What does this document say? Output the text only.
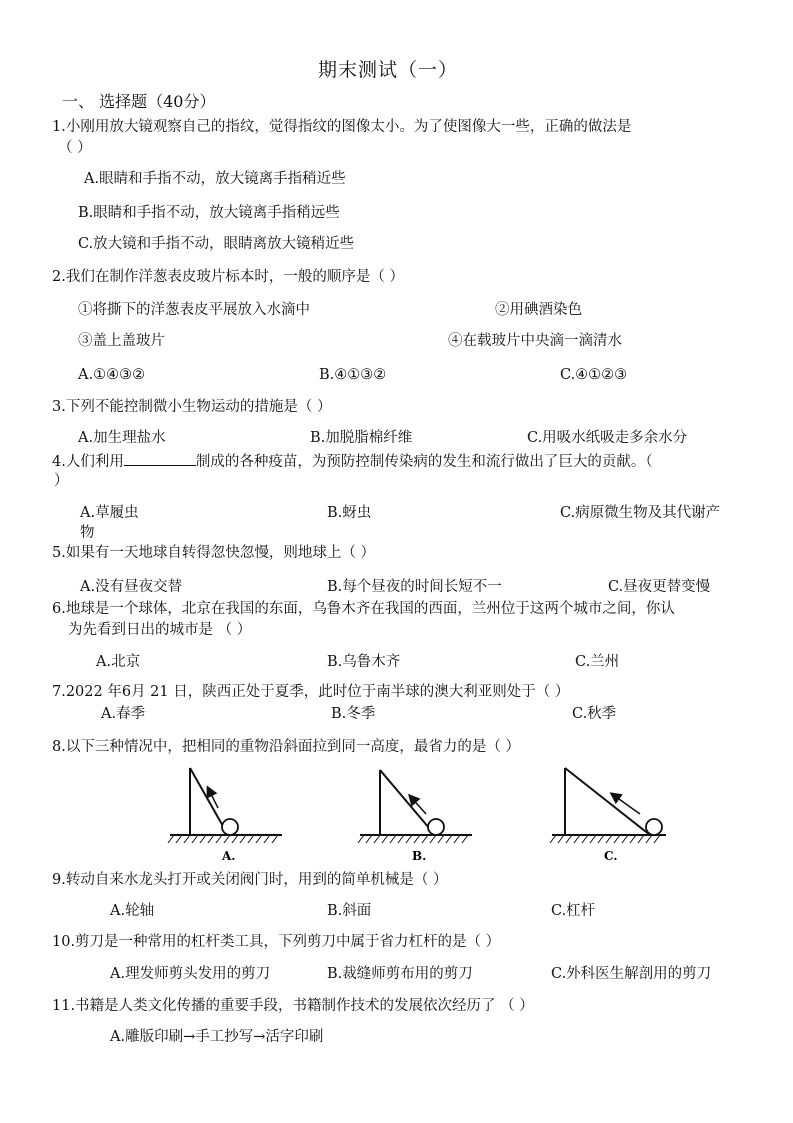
期末测试（一）
一、 选择题（40分）
1.小刚用放大镜观察自己的指纹，觉得指纹的图像太小。为了使图像大一些，正确的做法是
（ ）
A.眼睛和手指不动，放大镜离手指稍近些
B.眼睛和手指不动，放大镜离手指稍远些
C.放大镜和手指不动，眼睛离放大镜稍近些
2.我们在制作洋葱表皮玻片标本时，一般的顺序是（ ）
①将撕下的洋葱表皮平展放入水滴中	②用碘酒染色
③盖上盖玻片	④在载玻片中央滴一滴清水
A.①④③②	B.④①③②	C.④①②③
3.下列不能控制微小生物运动的措施是（ ）
A.加生理盐水	B.加脱脂棉纤维	C.用吸水纸吸走多余水分
4.人们利用	制成的各种疫苗，为预防控制传染病的发生和流行做出了巨大的贡献。（
）
A.草履虫	B.蚜虫	C.病原微生物及其代谢产
物
5.如果有一天地球自转得忽快忽慢，则地球上（ ）
A.没有昼夜交替	B.每个昼夜的时间长短不一	C.昼夜更替变慢
6.地球是一个球体，北京在我国的东面，乌鲁木齐在我国的西面，兰州位于这两个城市之间，你认
为先看到日出的城市是 （ ）
A.北京	B.乌鲁木齐	C.兰州
7.2022 年6月 21 日，陕西正处于夏季，此时位于南半球的澳大利亚则处于（ ）
A.春季	B.冬季	C.秋季
8.以下三种情况中，把相同的重物沿斜面拉到同一高度，最省力的是（ ）
A.	B.	C.
9.转动自来水龙头打开或关闭阀门时，用到的简单机械是（ ）
A.轮轴	B.斜面	C.杠杆
10.剪刀是一种常用的杠杆类工具，下列剪刀中属于省力杠杆的是（ ）
A.理发师剪头发用的剪刀	B.裁缝师剪布用的剪刀	C.外科医生解剖用的剪刀
11.书籍是人类文化传播的重要手段，书籍制作技术的发展依次经历了 （ ）
A.雕版印刷→手工抄写→活字印刷
